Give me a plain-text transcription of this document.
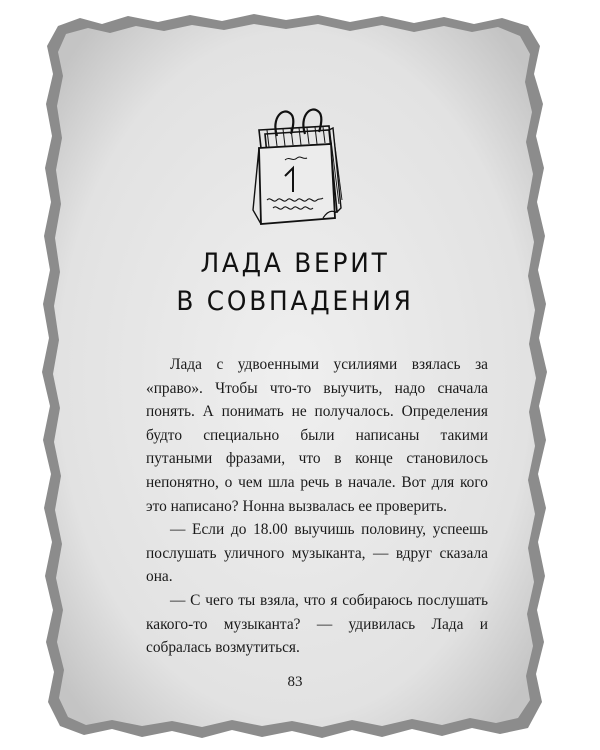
ЛАДА ВЕРИТ
В СОВПАДЕНИЯ

Лада с удвоенными усилиями взялась за «право». Чтобы что-то выучить, надо сначала понять. А понимать не получалось. Определения будто специально были написаны такими путаными фразами, что в конце становилось непонятно, о чем шла речь в начале. Вот для кого это написано? Нонна вызвалась ее проверить.

— Если до 18.00 выучишь половину, успеешь послушать уличного музыканта, — вдруг сказала она.

— С чего ты взяла, что я собираюсь послушать какого-то музыканта? — удивилась Лада и собралась возмутиться.

83
